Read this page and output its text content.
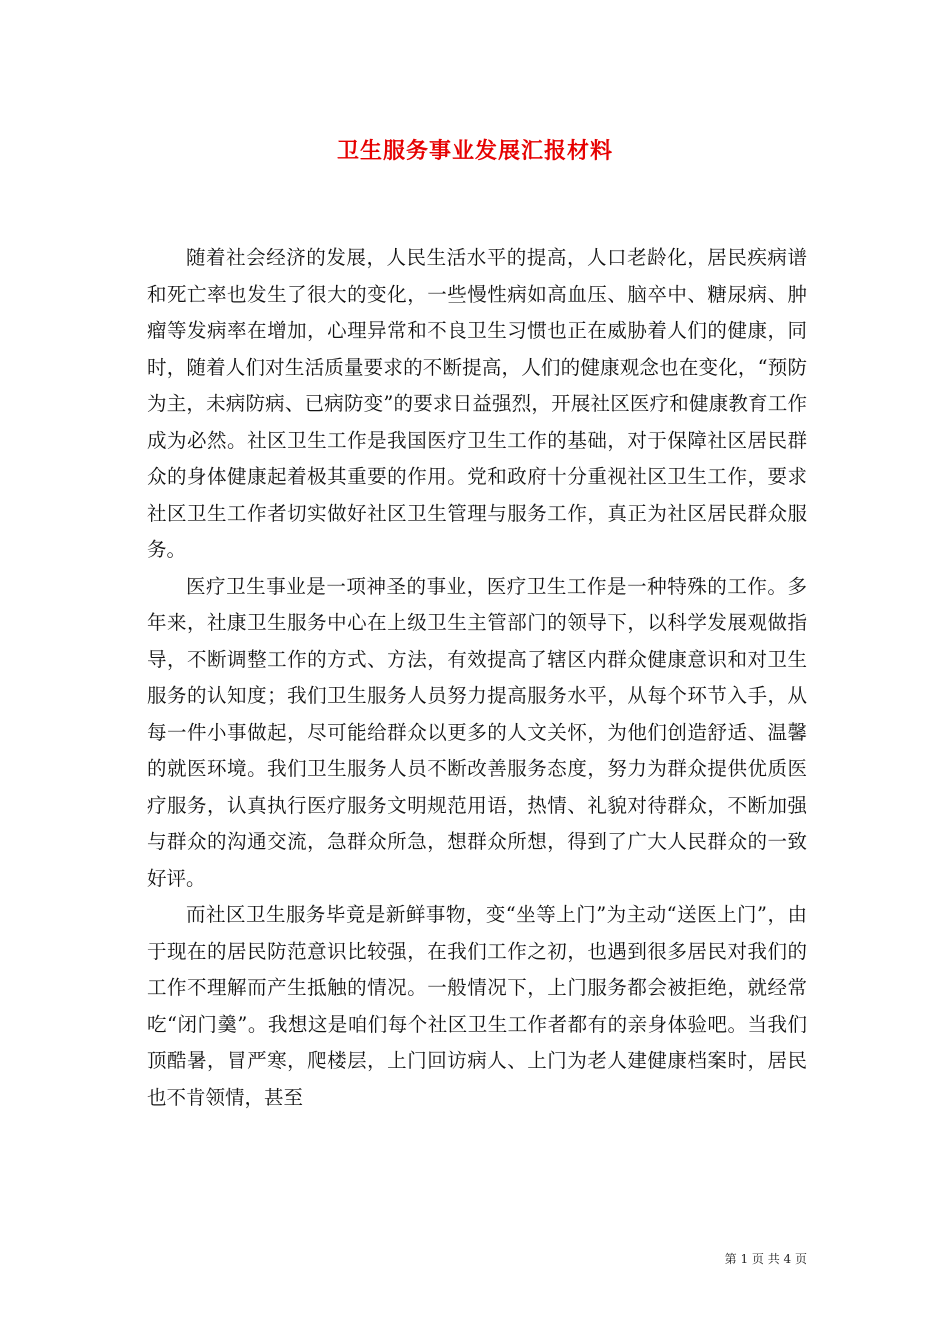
卫生服务事业发展汇报材料

随着社会经济的发展，人民生活水平的提高，人口老龄化，居民疾病谱和死亡率也发生了很大的变化，一些慢性病如高血压、脑卒中、糖尿病、肿瘤等发病率在增加，心理异常和不良卫生习惯也正在威胁着人们的健康，同时，随着人们对生活质量要求的不断提高，人们的健康观念也在变化，“预防为主，未病防病、已病防变”的要求日益强烈，开展社区医疗和健康教育工作成为必然。社区卫生工作是我国医疗卫生工作的基础，对于保障社区居民群众的身体健康起着极其重要的作用。党和政府十分重视社区卫生工作，要求社区卫生工作者切实做好社区卫生管理与服务工作，真正为社区居民群众服务。

医疗卫生事业是一项神圣的事业，医疗卫生工作是一种特殊的工作。多年来，社康卫生服务中心在上级卫生主管部门的领导下，以科学发展观做指导，不断调整工作的方式、方法，有效提高了辖区内群众健康意识和对卫生服务的认知度；我们卫生服务人员努力提高服务水平，从每个环节入手，从每一件小事做起，尽可能给群众以更多的人文关怀，为他们创造舒适、温馨的就医环境。我们卫生服务人员不断改善服务态度，努力为群众提供优质医疗服务，认真执行医疗服务文明规范用语，热情、礼貌对待群众，不断加强与群众的沟通交流，急群众所急，想群众所想，得到了广大人民群众的一致好评。

而社区卫生服务毕竟是新鲜事物，变“坐等上门”为主动“送医上门”，由于现在的居民防范意识比较强，在我们工作之初，也遇到很多居民对我们的工作不理解而产生抵触的情况。一般情况下，上门服务都会被拒绝，就经常吃“闭门羹”。我想这是咱们每个社区卫生工作者都有的亲身体验吧。当我们顶酷暑，冒严寒，爬楼层，上门回访病人、上门为老人建健康档案时，居民也不肯领情，甚至

第 1 页 共 4 页
